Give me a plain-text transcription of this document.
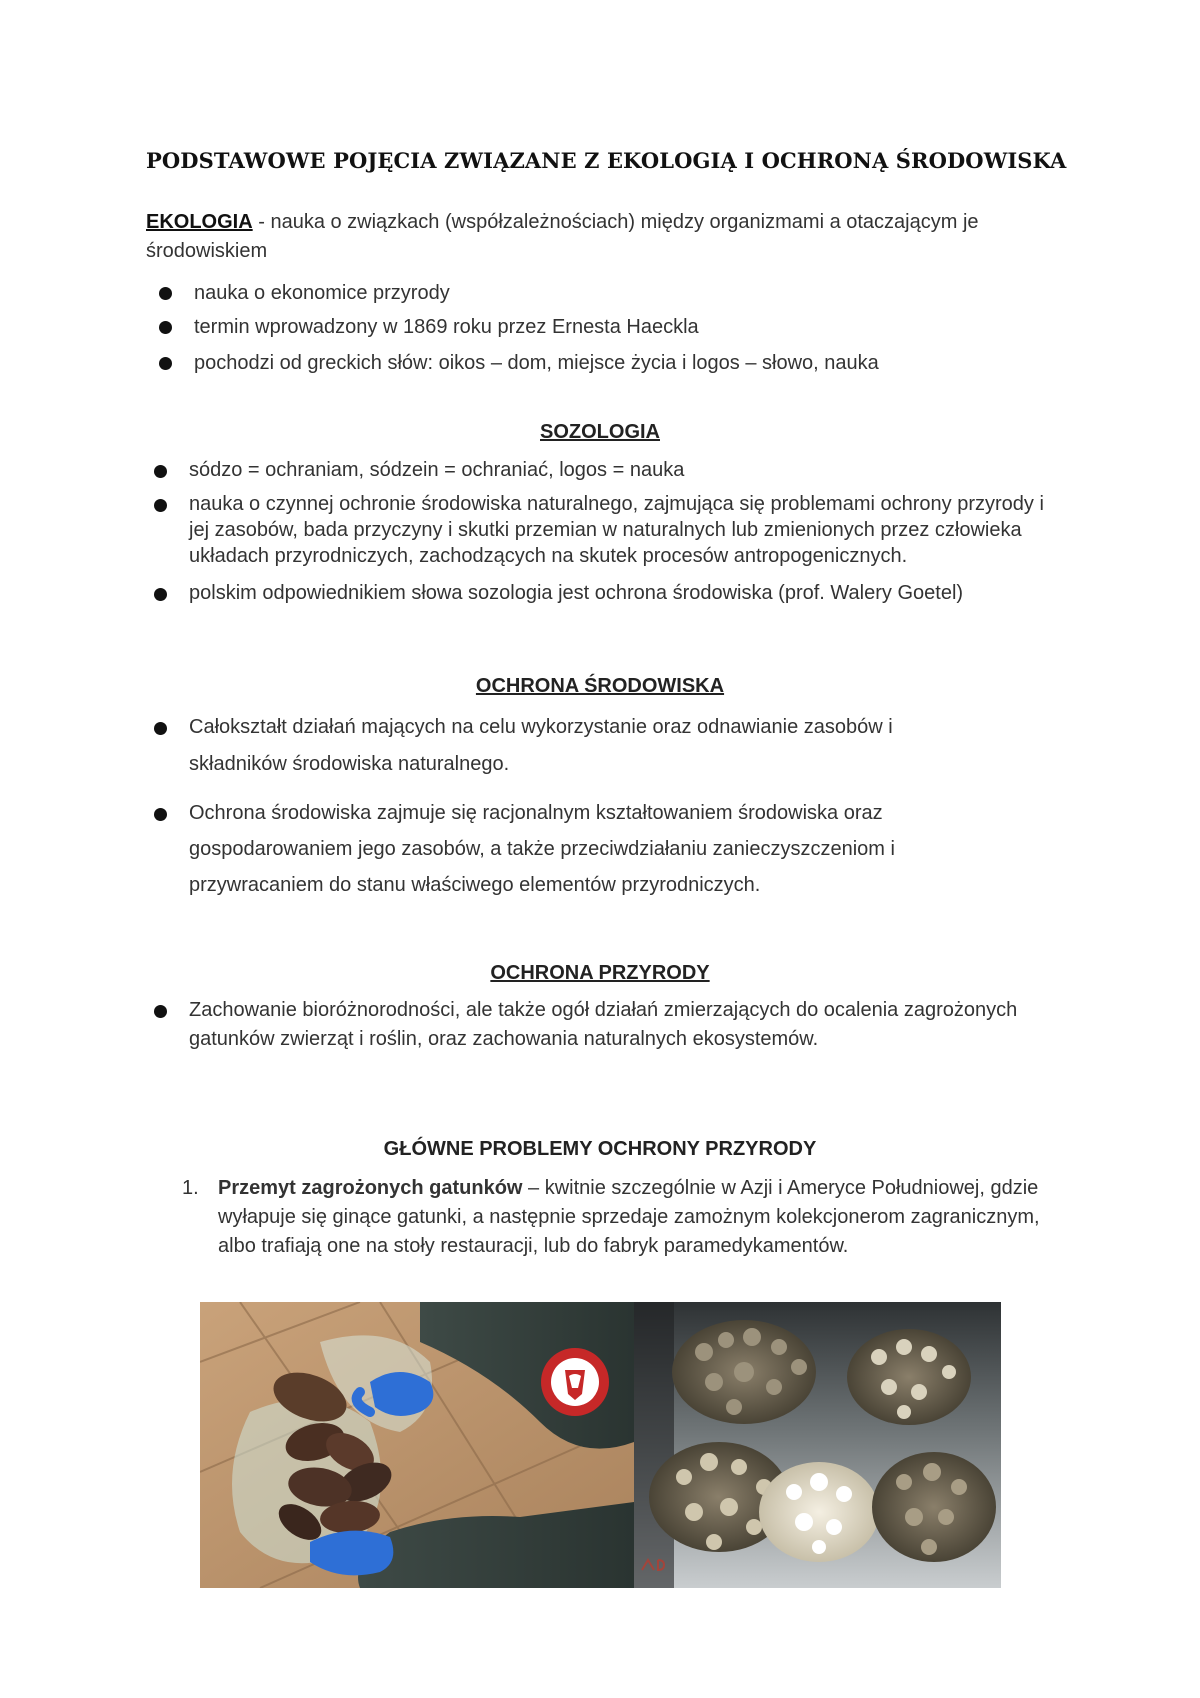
PODSTAWOWE POJĘCIA ZWIĄZANE Z EKOLOGIĄ I OCHRONĄ ŚRODOWISKA
EKOLOGIA - nauka o związkach (współzależnościach) między organizmami a otaczającym je środowiskiem
nauka o ekonomice przyrody
termin wprowadzony w 1869 roku przez Ernesta Haeckla
pochodzi od greckich słów: oikos – dom, miejsce życia i logos – słowo, nauka
SOZOLOGIA
sódzo = ochraniam, sódzein = ochraniać, logos = nauka
nauka o czynnej ochronie środowiska naturalnego, zajmująca się problemami ochrony przyrody i jej zasobów, bada przyczyny i skutki przemian w naturalnych lub zmienionych przez człowieka układach przyrodniczych, zachodzących na skutek procesów antropogenicznych.
polskim odpowiednikiem słowa sozologia jest ochrona środowiska (prof. Walery Goetel)
OCHRONA ŚRODOWISKA
Całokształt działań mających na celu wykorzystanie oraz odnawianie zasobów i składników środowiska naturalnego.
Ochrona środowiska zajmuje się racjonalnym kształtowaniem środowiska oraz gospodarowaniem jego zasobów, a także przeciwdziałaniu zanieczyszczeniom i przywracaniem do stanu właściwego elementów przyrodniczych.
OCHRONA PRZYRODY
Zachowanie bioróżnorodności, ale także ogół działań zmierzających do ocalenia zagrożonych gatunków zwierząt i roślin, oraz zachowania naturalnych ekosystemów.
GŁÓWNE PROBLEMY OCHRONY PRZYRODY
1. Przemyt zagrożonych gatunków – kwitnie szczególnie w Azji i Ameryce Południowej, gdzie wyłapuje się ginące gatunki, a następnie sprzedaje zamożnym kolekcjonerom zagranicznym, albo trafiają one na stoły restauracji, lub do fabryk paramedykamentów.
